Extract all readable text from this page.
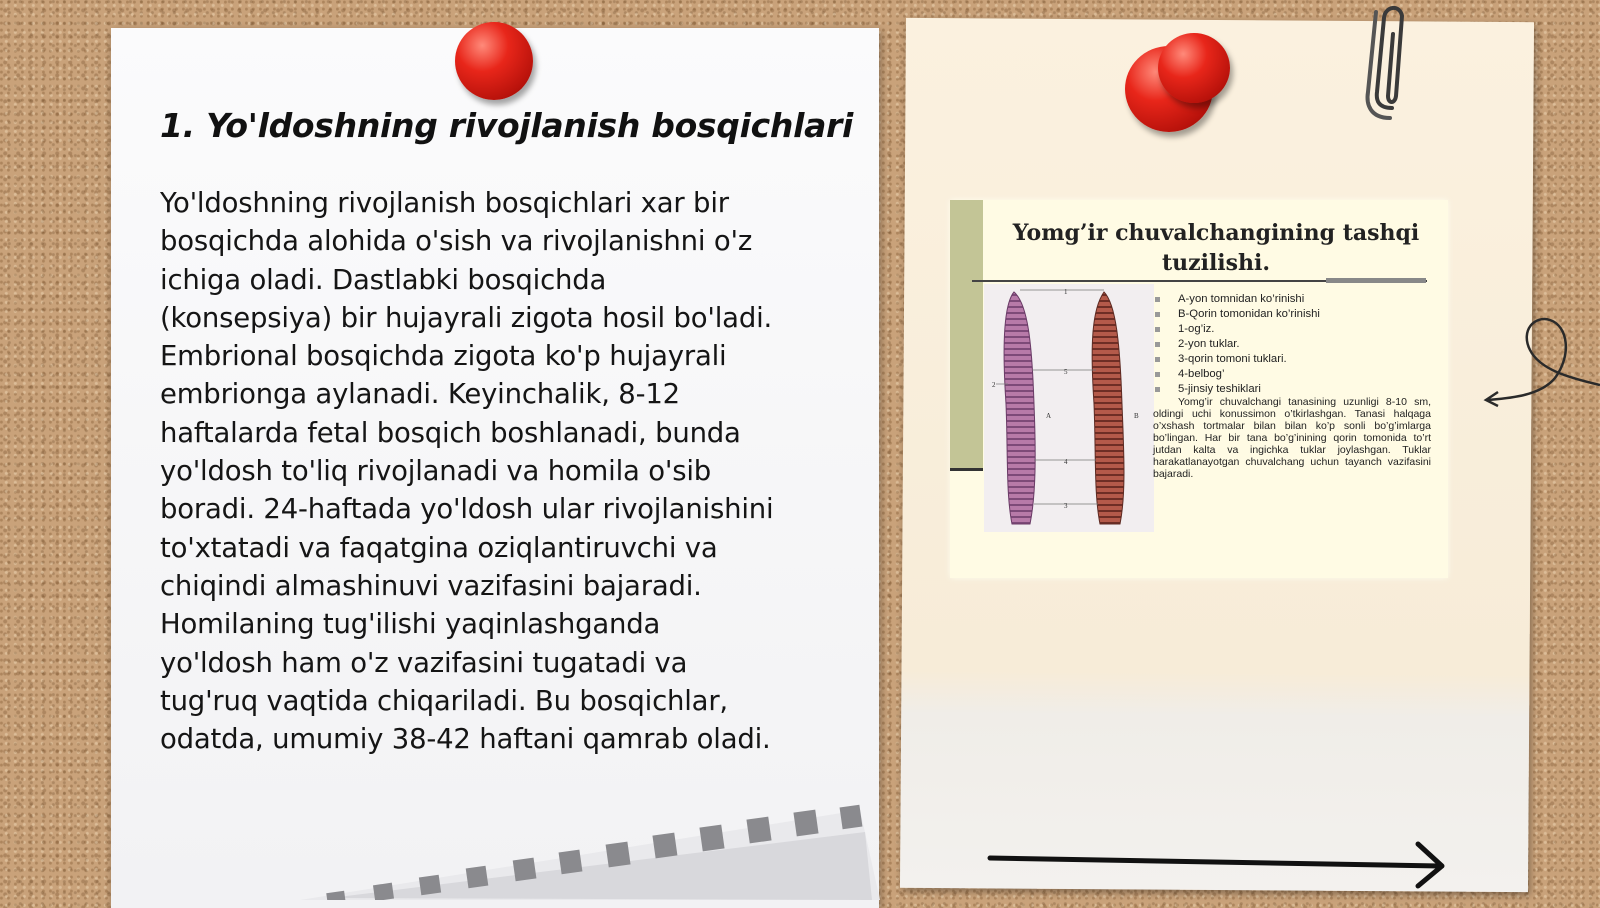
1. Yo'ldoshning rivojlanish bosqichlari

Yo'ldoshning rivojlanish bosqichlari xar bir
bosqichda alohida o'sish va rivojlanishni o'z
ichiga oladi. Dastlabki bosqichda
(konsepsiya) bir hujayrali zigota hosil bo'ladi.
Embrional bosqichda zigota ko'p hujayrali
embrionga aylanadi. Keyinchalik, 8-12
haftalarda fetal bosqich boshlanadi, bunda
yo'ldosh to'liq rivojlanadi va homila o'sib
boradi. 24-haftada yo'ldosh ular rivojlanishini
to'xtatadi va faqatgina oziqlantiruvchi va
chiqindi almashinuvi vazifasini bajaradi.
Homilaning tug'ilishi yaqinlashganda
yo'ldosh ham o'z vazifasini tugatadi va
tug'ruq vaqtida chiqariladi. Bu bosqichlar,
odatda, umumiy 38-42 haftani qamrab oladi.

Yomg’ir chuvalchangining tashqi
tuzilishi.
1
2
3
4
5
A	B
A-yon tomnidan ko’rinishi
B-Qorin tomonidan ko’rinishi
1-og’iz.
2-yon tuklar.
3-qorin tomoni tuklari.
4-belbog’
5-jinsiy teshiklari

Yomg’ir chuvalchangi tanasining uzunligi 8-10 sm, oldingi uchi konussimon o’tkirlashgan. Tanasi halqaga o’xshash tortmalar bilan bilan ko’p sonli bo’g’imlarga bo’lingan. Har bir tana bo’g’inining qorin tomonida to’rt jutdan kalta va ingichka tuklar joylashgan. Tuklar harakatlanayotgan chuvalchang uchun tayanch vazifasini bajaradi.
